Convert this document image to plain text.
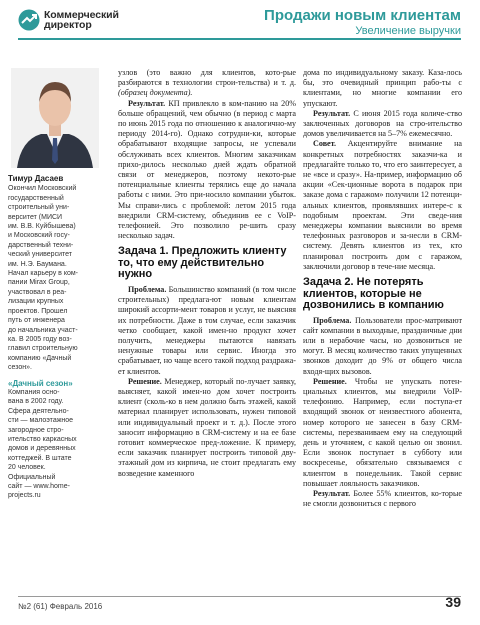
Коммерческий
директор
Продажи новым клиентам
Увеличение выручки
Тимур Дасаев
Окончил Московский
государственный
строительный уни-
верситет (МИСИ
им. В.В. Куйбышева)
и Московский госу-
дарственный техни-
ческий университет
им. Н.Э. Баумана.
Начал карьеру в ком-
пании Mirax Group,
участвовал в реа-
лизации крупных
проектов. Прошел
путь от инженера
до начальника участ-
ка. В 2005 году воз-
главил строительную
компанию «Дачный
сезон».
«Дачный сезон»
Компания осно-
вана в 2002 году.
Сфера деятельно-
сти — малоэтажное
загородное стро-
ительство каркасных
домов и деревянных
коттеджей. В штате
20 человек.
Официальный
сайт — www.home-
projects.ru

узлов (это важно для клиентов, кото-рые разбираются в технологии строи-тельства) и т. д. (образец документа).

Результат. КП привлекло в ком-панию на 20% больше обращений, чем обычно (в период с марта по июнь 2015 года по отношению к аналогично-му периоду 2014-го). Однако сотрудни-ки, которые обрабатывают входящие запросы, не успевали обслуживать всех клиентов. Многим заказчикам прихо-дилось несколько дней ждать обратной связи от менеджеров, поэтому некото-рые потенциальные клиенты терялись еще до начала работы с ними. Это при-носило компании убыток. Мы справи-лись с проблемой: летом 2015 года внедрили CRM-систему, объединив ее с VoIP-телефонией. Это позволило ре-шить сразу несколько задач.

Задача 1. Предложить клиенту то, что ему действительно нужно

Проблема. Большинство компаний (в том числе строительных) предлага-ют новым клиентам широкий ассорти-мент товаров и услуг, не выясняя их потребности. Даже в том случае, если заказчик четко сообщает, какой имен-но продукт хочет получить, менеджеры пытаются навязать ненужные товары или сервис. Иногда это срабатывает, но чаще всего такой подход раздража-ет клиентов.

Решение. Менеджер, который по-лучает заявку, выясняет, какой имен-но дом хочет построить клиент (сколь-ко в нем должно быть этажей, какой материал планирует использовать, нужен типовой или индивидуальный проект и т. д.). После этого заносит информацию в CRM-систему и на ее базе готовит коммерческое пред-ложение. К примеру, если заказчик планирует построить типовой дву-этажный дом из кирпича, не стоит предлагать ему возведение каменного

дома по индивидуальному заказу. Каза-лось бы, это очевидный принцип рабо-ты с клиентами, но многие компании его упускают.

Результат. С июня 2015 года количе-ство заключенных договоров на стро-ительство домов увеличивается на 5–7% ежемесячно.

Совет. Акцентируйте внимание на конкретных потребностях заказчи-ка и предлагайте только то, что его заинтересует, а не «все и сразу». На-пример, информацию об акции «Сек-ционные ворота в подарок при заказе дома с гаражом» получили 12 потенци-альных клиентов, проявлявших интере-с к подобным проектам. Эти сведе-ния менеджеры компании выяснили во время телефонных разговоров и за-несли в CRM-систему. Девять клиентов из тех, кто планировал построить дом с гаражом, заключили договор в тече-ние месяца.

Задача 2. Не потерять клиентов, которые не дозвонились в компанию

Проблема. Пользователи прос-матривают сайт компании в выходные, праздничные дни или в нерабочие часы, но дозвониться не могут. В месяц количество таких упущенных звонков доходит до 9% от общего числа входя-щих вызовов.

Решение. Чтобы не упускать потен-циальных клиентов, мы внедрили VoIP-телефонию. Например, если поступа-ет входящий звонок от неизвестного абонента, номер которого не занесен в базу CRM-системы, перезваниваем ему на следующий день и уточняем, с какой целью он звонил. Если звонок поступает в субботу или воскресенье, обязательно связываемся с клиентом в понедельник. Такой сервис повышает лояльность заказчиков.

Результат. Более 55% клиентов, ко-торые не смогли дозвониться с первого

№2 (61) Февраль 2016	39
